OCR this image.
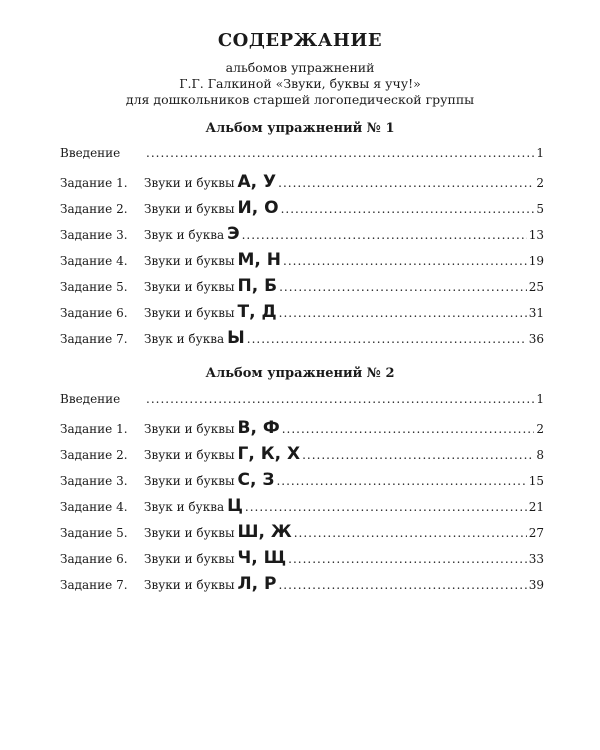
СОДЕРЖАНИЕ
альбомов упражнений
Г.Г. Галкиной «Звуки, буквы я учу!»
для дошкольников старшей логопедической группы
Альбом упражнений № 1
Введение .....	1
Задание 1.	Звуки и буквы А, У .....	2
Задание 2.	Звуки и буквы И, О .....	5
Задание 3.	Звук и буква Э .....	13
Задание 4.	Звуки и буквы М, Н .....	19
Задание 5.	Звуки и буквы П, Б .....	25
Задание 6.	Звуки и буквы Т, Д .....	31
Задание 7.	Звук и буква Ы .....	36
Альбом упражнений № 2
Введение .....	1
Задание 1.	Звуки и буквы В, Ф .....	2
Задание 2.	Звуки и буквы Г, К, Х .....	8
Задание 3.	Звуки и буквы С, З .....	15
Задание 4.	Звук и буква Ц .....	21
Задание 5.	Звуки и буквы Ш, Ж .....	27
Задание 6.	Звуки и буквы Ч, Щ .....	33
Задание 7.	Звуки и буквы Л, Р .....	39
